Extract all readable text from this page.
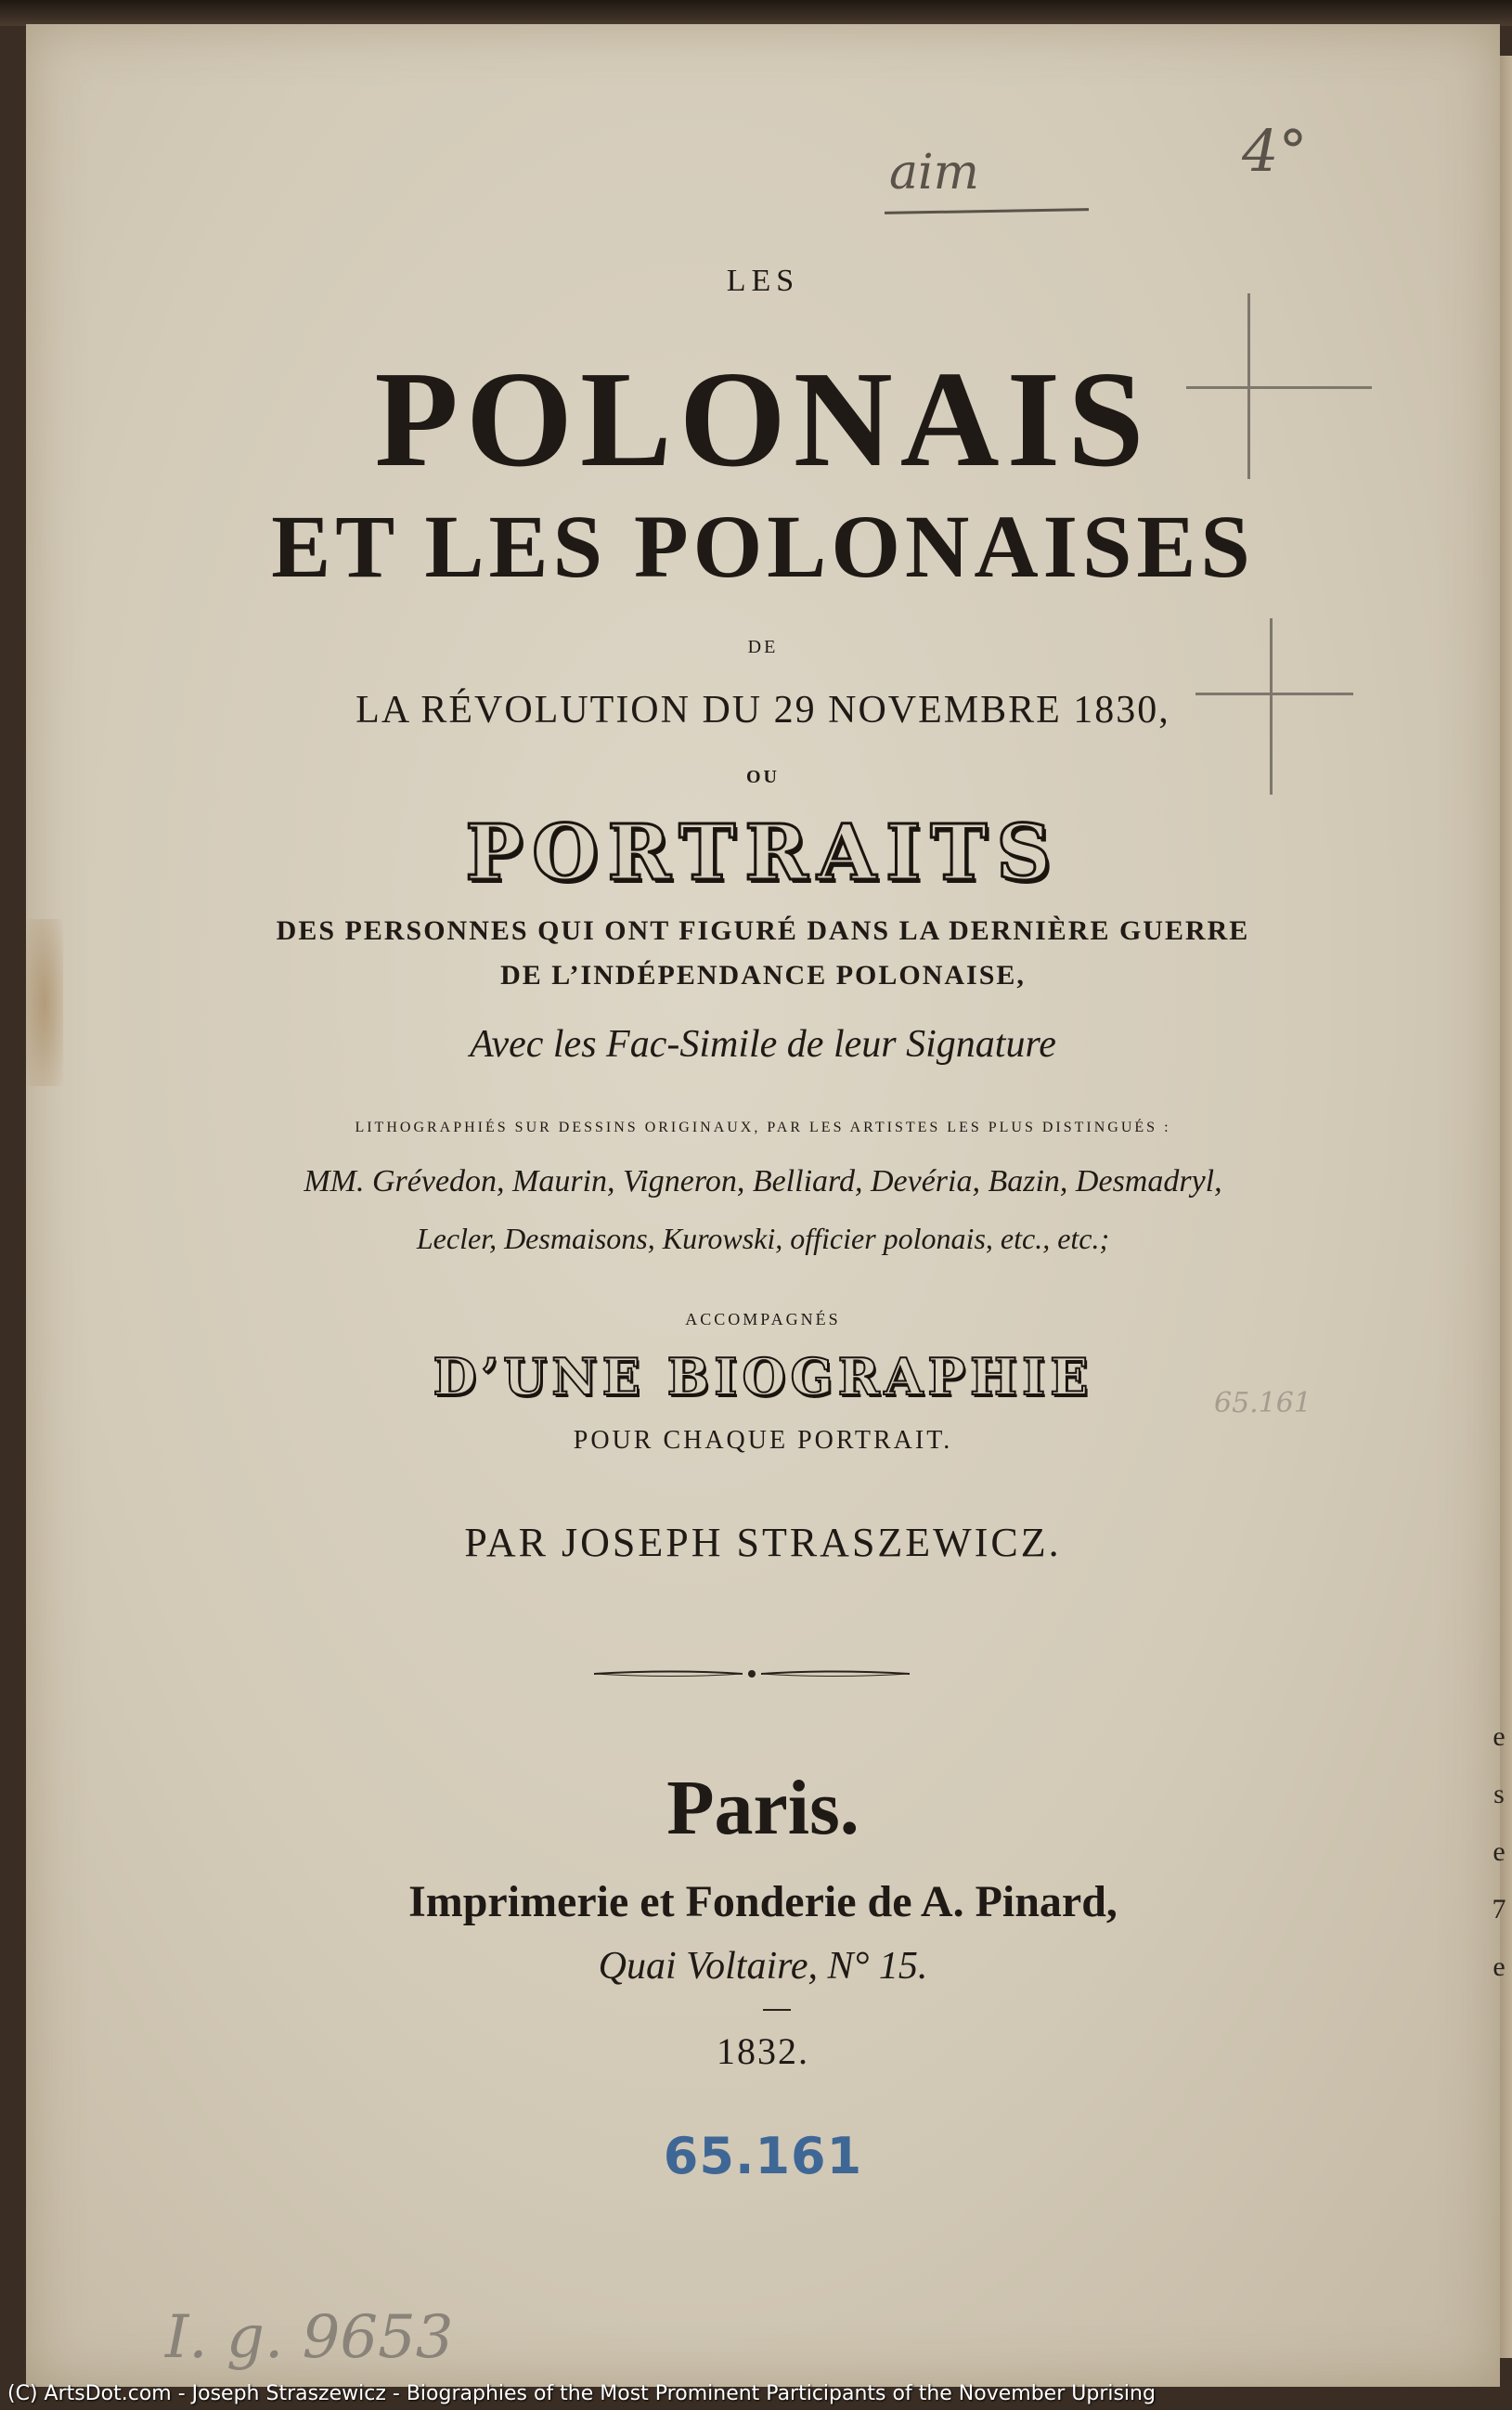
LES
POLONAIS
ET LES POLONAISES
DE
LA RÉVOLUTION DU 29 NOVEMBRE 1830,
OU
PORTRAITS
DES PERSONNES QUI ONT FIGURÉ DANS LA DERNIÈRE GUERRE
DE L’INDÉPENDANCE POLONAISE,
Avec les Fac-Simile de leur Signature
LITHOGRAPHIÉS SUR DESSINS ORIGINAUX, PAR LES ARTISTES LES PLUS DISTINGUÉS :
MM. Grévedon, Maurin, Vigneron, Belliard, Devéria, Bazin, Desmadryl,
Lecler, Desmaisons, Kurowski, officier polonais, etc., etc.;
ACCOMPAGNÉS
D’UNE BIOGRAPHIE
POUR CHAQUE PORTRAIT.
PAR JOSEPH STRASZEWICZ.
Paris.
Imprimerie et Fonderie de A. Pinard,
Quai Voltaire, N° 15.
1832.
65.161
aim	4°
65.161
I. g. 9653
e
s
e
7
e
(C) ArtsDot.com - Joseph Straszewicz - Biographies of the Most Prominent Participants of the November Uprising
